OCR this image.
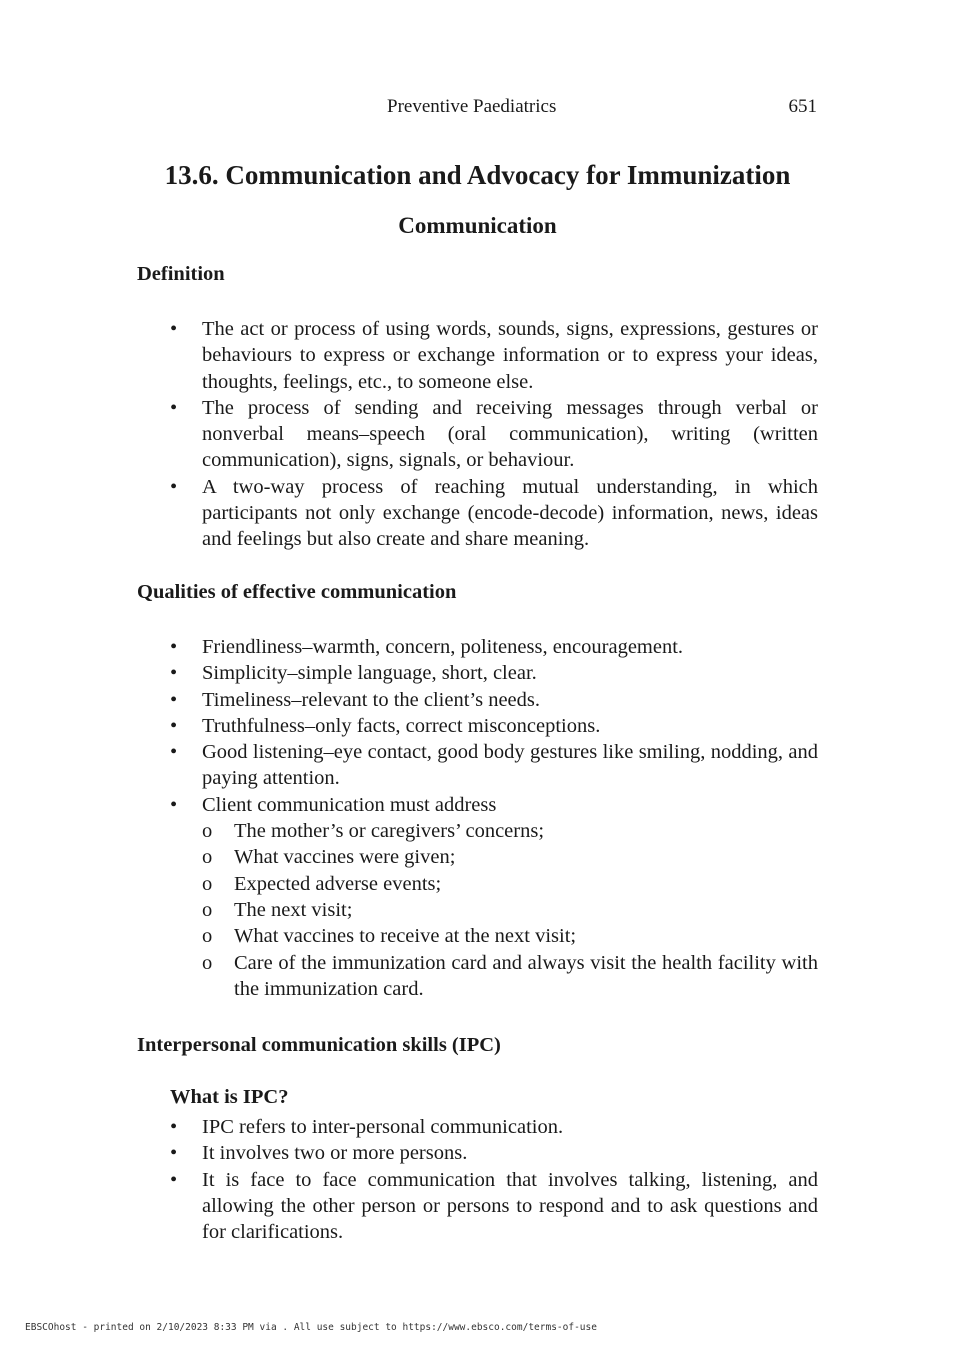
Preventive Paediatrics	651
13.6. Communication and Advocacy for Immunization
Communication
Definition
• The act or process of using words, sounds, signs, expressions, gestures or behaviours to express or exchange information or to express your ideas, thoughts, feelings, etc., to someone else.
• The process of sending and receiving messages through verbal or nonverbal means–speech (oral communication), writing (written communication), signs, signals, or behaviour.
• A two-way process of reaching mutual understanding, in which participants not only exchange (encode-decode) information, news, ideas and feelings but also create and share meaning.
Qualities of effective communication
• Friendliness–warmth, concern, politeness, encouragement.
• Simplicity–simple language, short, clear.
• Timeliness–relevant to the client’s needs.
• Truthfulness–only facts, correct misconceptions.
• Good listening–eye contact, good body gestures like smiling, nodding, and paying attention.
• Client communication must address
o The mother’s or caregivers’ concerns;
o What vaccines were given;
o Expected adverse events;
o The next visit;
o What vaccines to receive at the next visit;
o Care of the immunization card and always visit the health facility with the immunization card.
Interpersonal communication skills (IPC)
What is IPC?
• IPC refers to inter-personal communication.
• It involves two or more persons.
• It is face to face communication that involves talking, listening, and allowing the other person or persons to respond and to ask questions and for clarifications.
EBSCOhost - printed on 2/10/2023 8:33 PM via . All use subject to https://www.ebsco.com/terms-of-use
